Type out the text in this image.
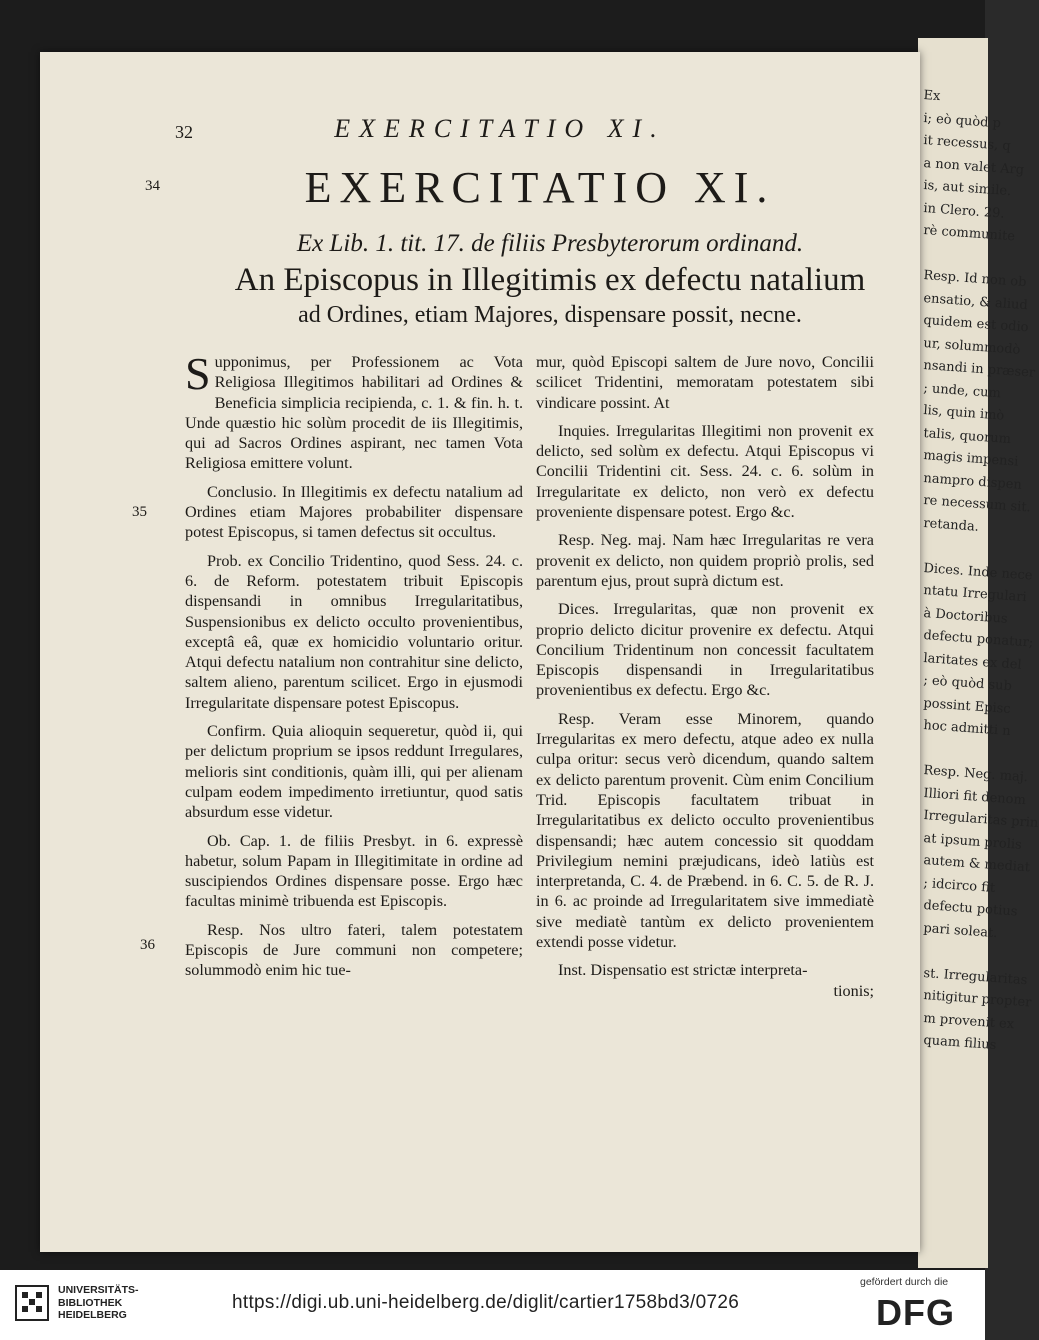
Ex
i; eò quòd p
it recessus, q
a non valet Arg
is, aut simile.
in Clero. 29.
rè communite
Resp. Id non ob
ensatio, & aliud
quidem est odio
ur, solummodò
nsandi in præser
; unde, cum
lis, quin imò
talis, quorum
magis impensi
nampro dispen
re necessum sit.
retanda.
Dices. Inde nece
ntatu Irregulari
à Doctoribus
defectu ponatur;
laritates ex del
; eò quòd sub
possint Episc
hoc admitti n
Resp. Neg. maj.
Illiori fit denom
Irregularitas prin
at ipsum prolis
autem & mediat
; idcirco fit
defectu potius
pari soleat.
st. Irregularitas
nitigitur propter
m provenit ex
quam filius
32	EXERCITATIO XI.
34
35
36
EXERCITATIO XI.
Ex Lib. 1. tit. 17. de filiis Presbyterorum ordinand.
An Episcopus in Illegitimis ex defectu natalium
ad Ordines, etiam Majores, dispensare possit, necne.

Supponimus, per Professionem ac Vota Religiosa Illegitimos habilitari ad Ordines & Beneficia simplicia recipienda, c. 1. & fin. h. t. Unde quæstio hic solùm procedit de iis Illegitimis, qui ad Sacros Ordines aspirant, nec tamen Vota Religiosa emittere volunt.

Conclusio. In Illegitimis ex defectu natalium ad Ordines etiam Majores probabiliter dispensare potest Episcopus, si tamen defectus sit occultus.

Prob. ex Concilio Tridentino, quod Sess. 24. c. 6. de Reform. potestatem tribuit Episcopis dispensandi in omnibus Irregularitatibus, Suspensionibus ex delicto occulto provenientibus, exceptâ eâ, quæ ex homicidio voluntario oritur. Atqui defectu natalium non contrahitur sine delicto, saltem alieno, parentum scilicet. Ergo in ejusmodi Irregularitate dispensare potest Episcopus.

Confirm. Quia alioquin sequeretur, quòd ii, qui per delictum proprium se ipsos reddunt Irregulares, melioris sint conditionis, quàm illi, qui per alienam culpam eodem impedimento irretiuntur, quod satis absurdum esse videtur.

Ob. Cap. 1. de filiis Presbyt. in 6. expressè habetur, solum Papam in Illegitimitate in ordine ad suscipiendos Ordines dispensare posse. Ergo hæc facultas minimè tribuenda est Episcopis.

Resp. Nos ultro fateri, talem potestatem Episcopis de Jure communi non competere; solummodò enim hic tue-

mur, quòd Episcopi saltem de Jure novo, Concilii scilicet Tridentini, memoratam potestatem sibi vindicare possint. At

Inquies. Irregularitas Illegitimi non provenit ex delicto, sed solùm ex defectu. Atqui Episcopus vi Concilii Tridentini cit. Sess. 24. c. 6. solùm in Irregularitate ex delicto, non verò ex defectu proveniente dispensare potest. Ergo &c.

Resp. Neg. maj. Nam hæc Irregularitas re vera provenit ex delicto, non quidem propriò prolis, sed parentum ejus, prout suprà dictum est.

Dices. Irregularitas, quæ non provenit ex proprio delicto dicitur provenire ex defectu. Atqui Concilium Tridentinum non concessit facultatem Episcopis dispensandi in Irregularitatibus provenientibus ex defectu. Ergo &c.

Resp. Veram esse Minorem, quando Irregularitas ex mero defectu, atque adeo ex nulla culpa oritur: secus verò dicendum, quando saltem ex delicto parentum provenit. Cùm enim Concilium Trid. Episcopis facultatem tribuat in Irregularitatibus ex delicto occulto provenientibus dispensandi; hæc autem concessio sit quoddam Privilegium nemini præjudicans, ideò latiùs est interpretanda, C. 4. de Præbend. in 6. C. 5. de R. J. in 6. ac proinde ad Irregularitatem sive immediatè sive mediatè tantùm ex delicto provenientem extendi posse videtur.

Inst. Dispensatio est strictæ interpreta-

tionis;

UNIVERSITÄTS-
BIBLIOTHEK
HEIDELBERG
https://digi.ub.uni-heidelberg.de/diglit/cartier1758bd3/0726
gefördert durch die
DFG
